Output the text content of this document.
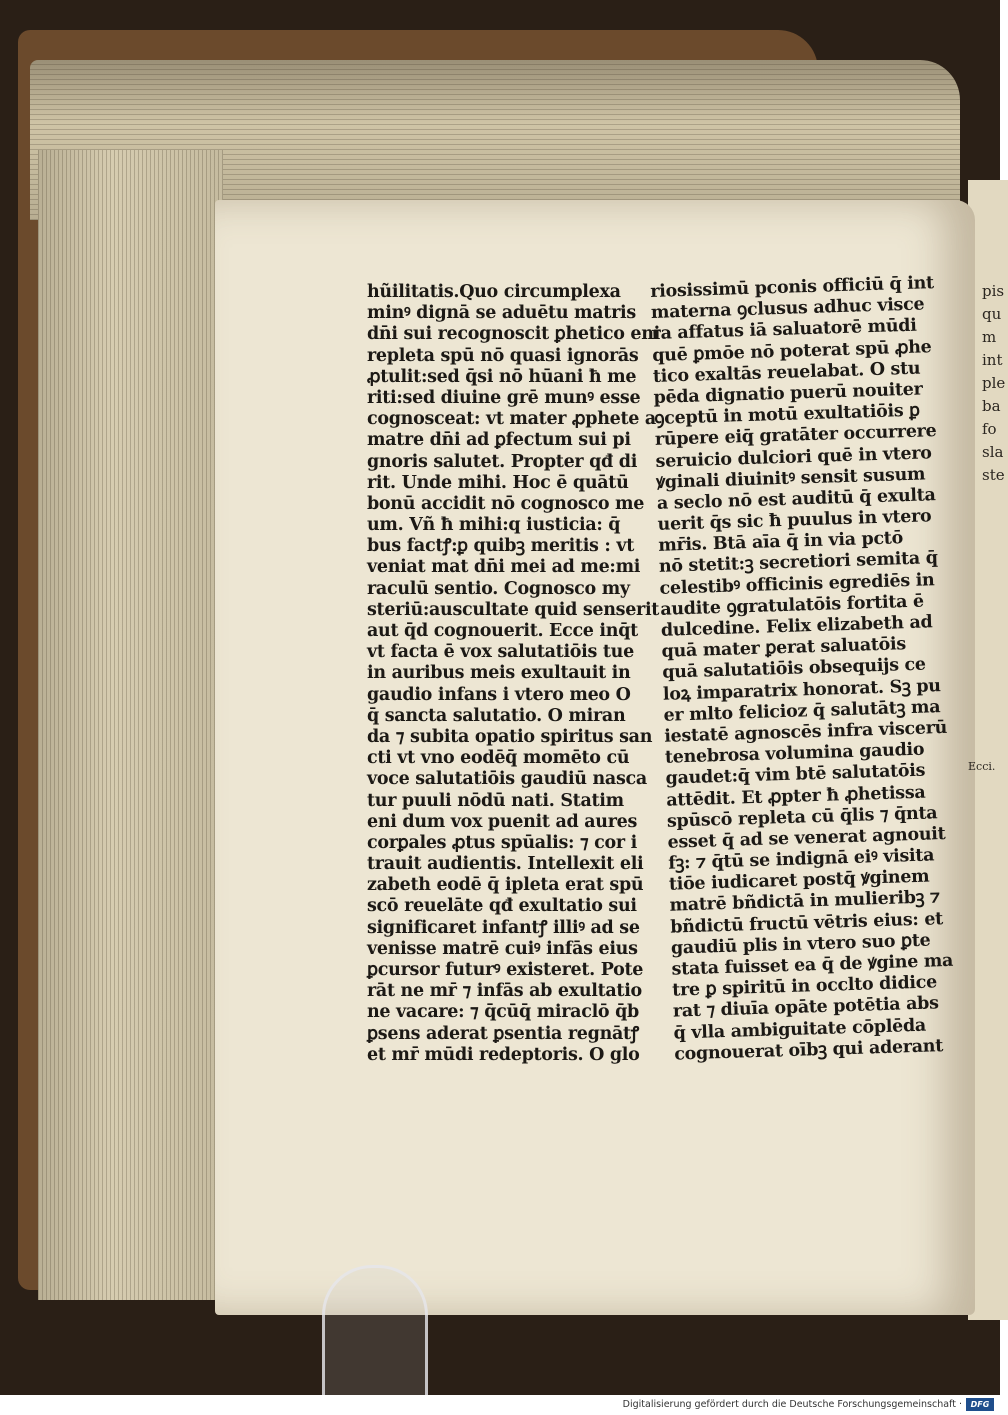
pis
qu
m
int
ple
ba
fo
sla
ste
hũilitatis.Quo circumplexa
minꝰ dignā se aduētu matris
dn̄i sui recognoscit ꝑhetico eni
repleta spū nō quasi ignorās
ꝓtulit:sed q̄si nō hūani ħ me
riti:sed diuine grē munꝰ esse
cognosceat: vt mater ꝓphete a
matre dn̄i ad ꝑfectum sui pi
gnoris salutet. Propter qđ di
rit. Unde mihi. Hoc ē quātū
bonū accidit nō cognosco me
um. Vñ ħ mihi:q iusticia: q̄
bus factꝭ:ꝑ quibꝫ meritis : vt
veniat mat dn̄i mei ad me:mi
raculū sentio. Cognosco my
steriū:auscultate quid senserit
aut q̄d cognouerit. Ecce inq̄t
vt facta ē vox salutatiōis tue
in auribus meis exultauit in
gaudio infans i vtero meo O
q̄ sancta salutatio. O miran
da ⁊ subita opatio spiritus san
cti vt vno eodēq̄ momēto cū
voce salutatiōis gaudiū nasca
tur puuli nōdū nati. Statim
eni dum vox puenit ad aures
corꝑales ꝓtus spūalis: ⁊ cor i
trauit audientis. Intellexit eli
zabeth eodē q̄ ipleta erat spū
scō reuelāte qđ exultatio sui
significaret infantꝭ illiꝰ ad se
venisse matrē cuiꝰ infās eius
ꝑcursor futurꝰ existeret. Pote
rāt ne mr̄ ⁊ infās ab exultatio
ne vacare: ⁊ q̄cūq̄ miraclō q̄b
ꝑsens aderat ꝑsentia regnātꝭ
et mr̄ mūdi redeptoris. O glo
riosissimū pconis officiū q̄ int
materna ꝯclusus adhuc visce
ra affatus iā saluatorē mūdi
quē ꝑmōe nō poterat spū ꝓhe
tico exaltās reuelabat. O stu
pēda dignatio puerū nouiter
ꝯceptū in motū exultatiōis ꝑ
rūpere eiq̄ gratāter occurrere
seruicio dulciori quē in vtero
ꝟginali diuinitꝰ sensit susum
a seclo nō est auditū q̄ exulta
uerit q̄s sic ħ puulus in vtero
mr̄is. Btā aīa q̄ in via pctō
nō stetit:ꝫ secretiori semita q̄
celestibꝰ officinis egrediēs in
audite ꝯgratulatōis fortita ē
dulcedine. Felix elizabeth ad
quā mater ꝑerat saluatōis
quā salutatiōis obsequijs ce
loꝝ imparatrix honorat. Sꝫ pu
er mlto felicioz q̄ salutātꝫ ma
iestatē agnoscēs infra viscerū
tenebrosa volumina gaudio
gaudet:q̄ vim btē salutatōis
attēdit. Et ꝓpter ħ ꝓhetissa
spūscō repleta cū q̄lis ⁊ q̄nta
esset q̄ ad se venerat agnouit
fꝫ: ⁊ q̄tū se indignā eiꝰ visita
tiōe iudicaret postq̄ ꝟginem
matrē bñdictā in mulieribꝫ ⁊
bñdictū fructū vētris eius: et
gaudiū plis in vtero suo ꝑte
stata fuisset ea q̄ de ꝟgine ma
tre ꝑ spiritū in occlto didice
rat ⁊ diuīa opāte potētia abs
q̄ vlla ambiguitate cōplēda
cognouerat oībꝫ qui aderant
Ecci.
Digitalisierung gefördert durch die Deutsche Forschungsgemeinschaft ·	DFG
